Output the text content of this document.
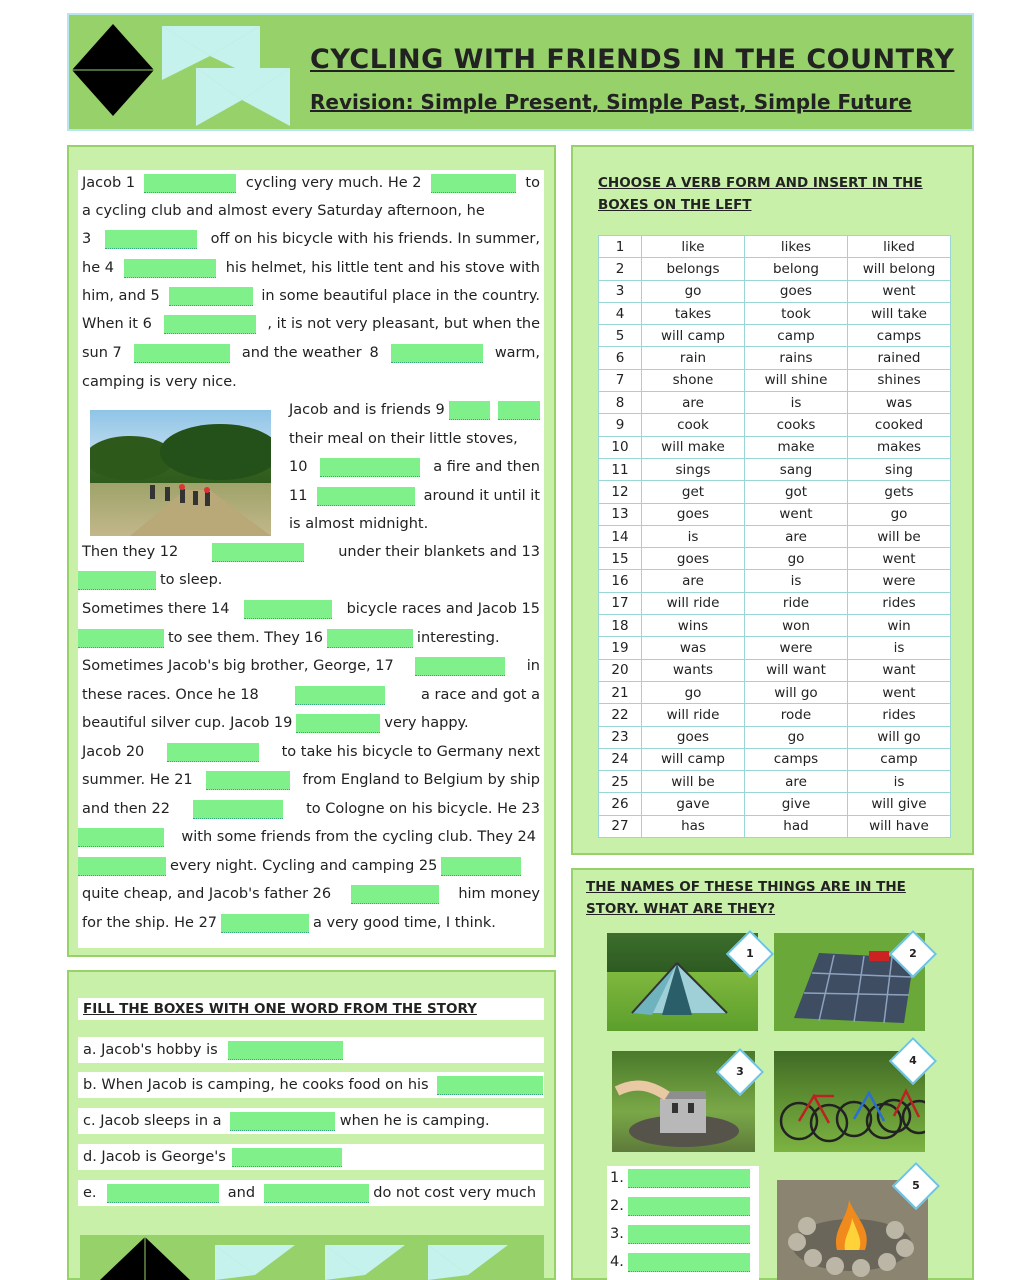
CYCLING WITH FRIENDS IN THE COUNTRY
Revision: Simple Present, Simple Past, Simple Future
Jacob 1	cycling very much. He 2	to
a cycling club and almost every Saturday afternoon, he
3	off on his bicycle with his friends. In summer,
he 4	his helmet, his little tent and his stove with
him, and 5	in some beautiful place in the country.
When it 6	, it is not very pleasant, but when the
sun 7	and the weather 8	warm,
camping is very nice.
Jacob and is friends 9
their meal on their little stoves,
10	a fire and then
11	around it until it
is almost midnight.
Then they 12	under their blankets and 13
to sleep.
Sometimes there 14	bicycle races and Jacob 15
to see them. They 16	interesting.
Sometimes Jacob's big brother, George, 17	in
these races. Once he 18	a race and got a
beautiful silver cup. Jacob 19	very happy.
Jacob 20	to take his bicycle to Germany next
summer. He 21	from England to Belgium by ship
and then 22	to Cologne on his bicycle. He 23
with some friends from the cycling club. They 24
every night. Cycling and camping 25
quite cheap, and Jacob's father 26	him money
for the ship. He 27	a very good time, I think.
CHOOSE A VERB FORM AND INSERT IN THE BOXES ON THE LEFT
1	like	likes	liked
2	belongs	belong	will belong
3	go	goes	went
4	takes	took	will take
5	will camp	camp	camps
6	rain	rains	rained
7	shone	will shine	shines
8	are	is	was
9	cook	cooks	cooked
10	will make	make	makes
11	sings	sang	sing
12	get	got	gets
13	goes	went	go
14	is	are	will be
15	goes	go	went
16	are	is	were
17	will ride	ride	rides
18	wins	won	win
19	was	were	is
20	wants	will want	want
21	go	will go	went
22	will ride	rode	rides
23	goes	go	will go
24	will camp	camps	camp
25	will be	are	is
26	gave	give	will give
27	has	had	will have
FILL THE BOXES WITH ONE WORD FROM THE STORY
a. Jacob's hobby is
b. When Jacob is camping, he cooks food on his
c. Jacob sleeps in a	when he is camping.
d. Jacob is George's
e.	and	do not cost very much
THE NAMES OF THESE THINGS ARE IN THE STORY. WHAT ARE THEY?
1	2
3
4
5
1.
2.
3.
4.
